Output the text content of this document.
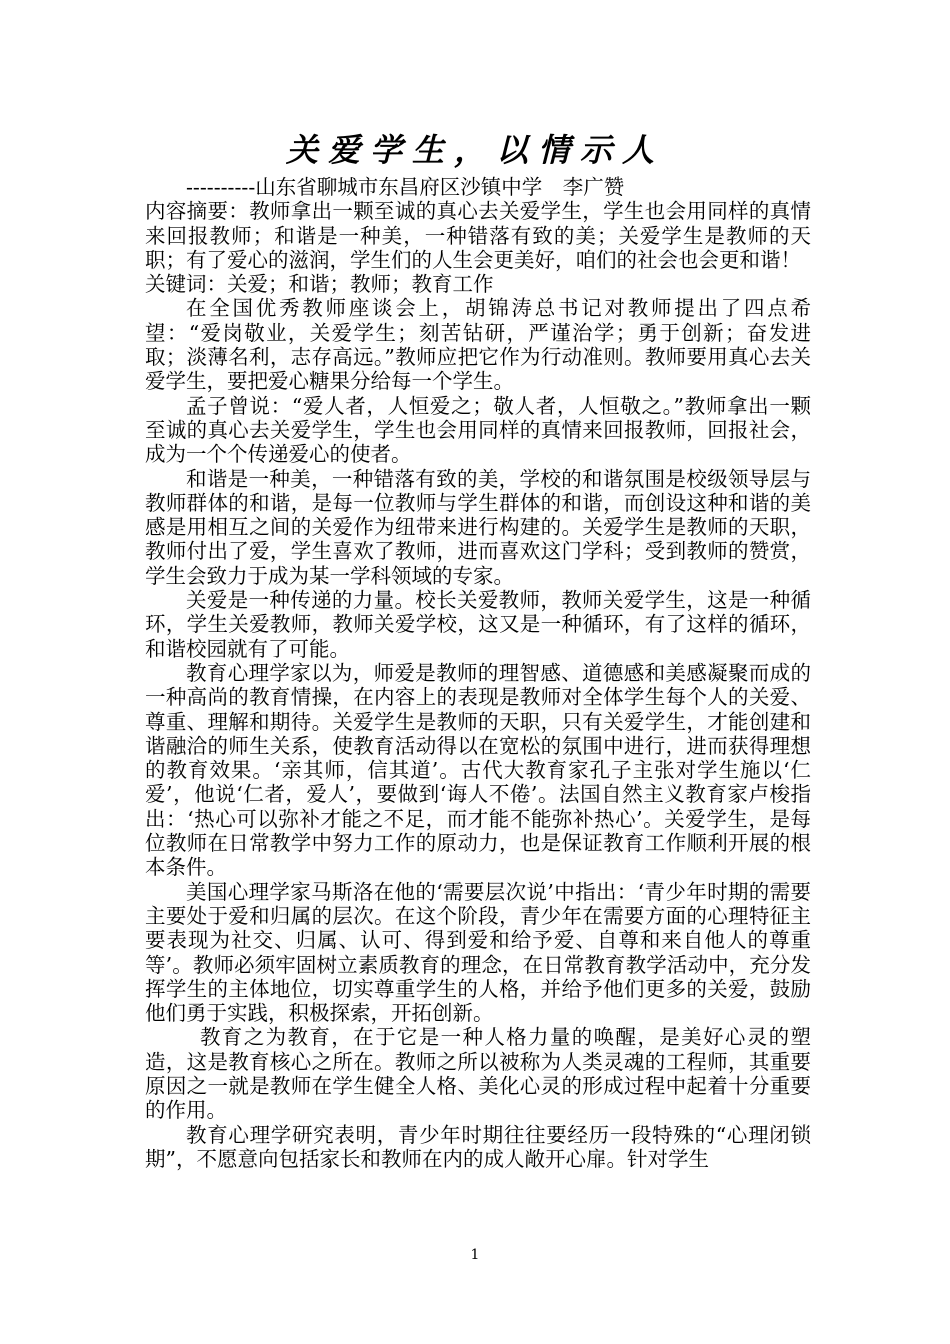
关爱学生，以情示人

----------山东省聊城市东昌府区沙镇中学　李广赞

内容摘要：教师拿出一颗至诚的真心去关爱学生，学生也会用同样的真情来回报教师；和谐是一种美，一种错落有致的美；关爱学生是教师的天职；有了爱心的滋润，学生们的人生会更美好，咱们的社会也会更和谐！

关键词：关爱；和谐；教师；教育工作

在全国优秀教师座谈会上，胡锦涛总书记对教师提出了四点希望：“爱岗敬业，关爱学生；刻苦钻研，严谨治学；勇于创新；奋发进取；淡薄名利，志存高远。”教师应把它作为行动准则。教师要用真心去关爱学生，要把爱心糖果分给每一个学生。

孟子曾说：“爱人者，人恒爱之；敬人者，人恒敬之。”教师拿出一颗至诚的真心去关爱学生，学生也会用同样的真情来回报教师，回报社会，成为一个个传递爱心的使者。

和谐是一种美，一种错落有致的美，学校的和谐氛围是校级领导层与教师群体的和谐，是每一位教师与学生群体的和谐，而创设这种和谐的美感是用相互之间的关爱作为纽带来进行构建的。关爱学生是教师的天职，教师付出了爱，学生喜欢了教师，进而喜欢这门学科；受到教师的赞赏，学生会致力于成为某一学科领域的专家。

关爱是一种传递的力量。校长关爱教师，教师关爱学生，这是一种循环，学生关爱教师，教师关爱学校，这又是一种循环，有了这样的循环，和谐校园就有了可能。

教育心理学家以为，师爱是教师的理智感、道德感和美感凝聚而成的一种高尚的教育情操，在内容上的表现是教师对全体学生每个人的关爱、尊重、理解和期待。关爱学生是教师的天职，只有关爱学生，才能创建和谐融洽的师生关系，使教育活动得以在宽松的氛围中进行，进而获得理想的教育效果。‘亲其师，信其道’。古代大教育家孔子主张对学生施以‘仁爱’，他说‘仁者，爱人’，要做到‘诲人不倦’。法国自然主义教育家卢梭指出：‘热心可以弥补才能之不足，而才能不能弥补热心’。关爱学生，是每位教师在日常教学中努力工作的原动力，也是保证教育工作顺利开展的根本条件。

美国心理学家马斯洛在他的‘需要层次说’中指出：‘青少年时期的需要主要处于爱和归属的层次。在这个阶段，青少年在需要方面的心理特征主要表现为社交、归属、认可、得到爱和给予爱、自尊和来自他人的尊重等’。教师必须牢固树立素质教育的理念，在日常教育教学活动中，充分发挥学生的主体地位，切实尊重学生的人格，并给予他们更多的关爱，鼓励他们勇于实践，积极探索，开拓创新。

教育之为教育，在于它是一种人格力量的唤醒，是美好心灵的塑造，这是教育核心之所在。教师之所以被称为人类灵魂的工程师，其重要原因之一就是教师在学生健全人格、美化心灵的形成过程中起着十分重要的作用。

教育心理学研究表明，青少年时期往往要经历一段特殊的“心理闭锁期”，不愿意向包括家长和教师在内的成人敞开心扉。针对学生

1
